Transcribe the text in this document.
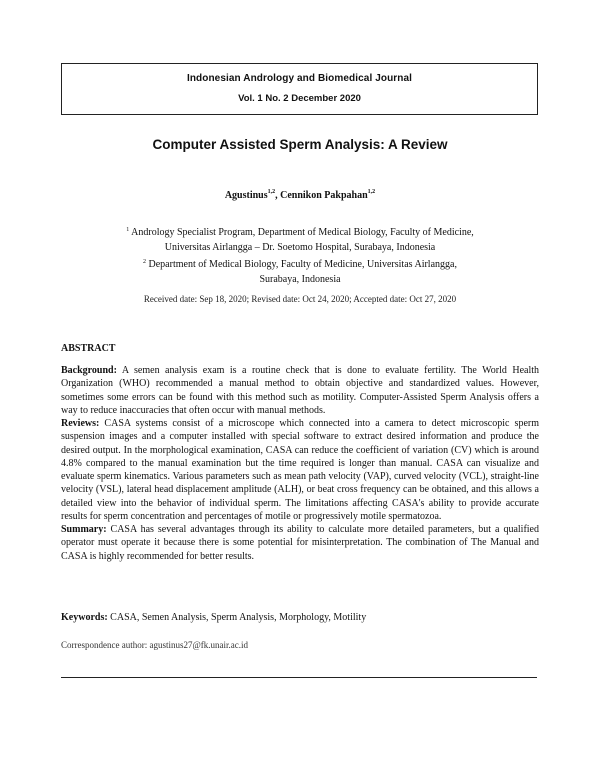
Indonesian Andrology and Biomedical Journal
Vol. 1 No. 2 December 2020
Computer Assisted Sperm Analysis: A Review
Agustinus$^{1,2}$, Cennikon Pakpahan$^{1,2}$
$^1$ Andrology Specialist Program, Department of Medical Biology, Faculty of Medicine,
Universitas Airlangga – Dr. Soetomo Hospital, Surabaya, Indonesia
$^2$ Department of Medical Biology, Faculty of Medicine, Universitas Airlangga,
Surabaya, Indonesia
Received date: Sep 18, 2020; Revised date: Oct 24, 2020; Accepted date: Oct 27, 2020
ABSTRACT

Background: A semen analysis exam is a routine check that is done to evaluate fertility. The World Health Organization (WHO) recommended a manual method to obtain objective and standardized values. However, sometimes some errors can be found with this method such as motility. Computer-Assisted Sperm Analysis offers a way to reduce inaccuracies that often occur with manual methods.

Reviews: CASA systems consist of a microscope which connected into a camera to detect microscopic sperm suspension images and a computer installed with special software to extract desired information and produce the desired output. In the morphological examination, CASA can reduce the coefficient of variation (CV) which is around 4.8% compared to the manual examination but the time required is longer than manual. CASA can visualize and evaluate sperm kinematics. Various parameters such as mean path velocity (VAP), curved velocity (VCL), straight-line velocity (VSL), lateral head displacement amplitude (ALH), or beat cross frequency can be obtained, and this allows a detailed view into the behavior of individual sperm. The limitations affecting CASA's ability to provide accurate results for sperm concentration and percentages of motile or progressively motile spermatozoa.

Summary: CASA has several advantages through its ability to calculate more detailed parameters, but a qualified operator must operate it because there is some potential for misinterpretation. The combination of The Manual and CASA is highly recommended for better results.

Keywords: CASA, Semen Analysis, Sperm Analysis, Morphology, Motility
Correspondence author: agustinus27@fk.unair.ac.id
